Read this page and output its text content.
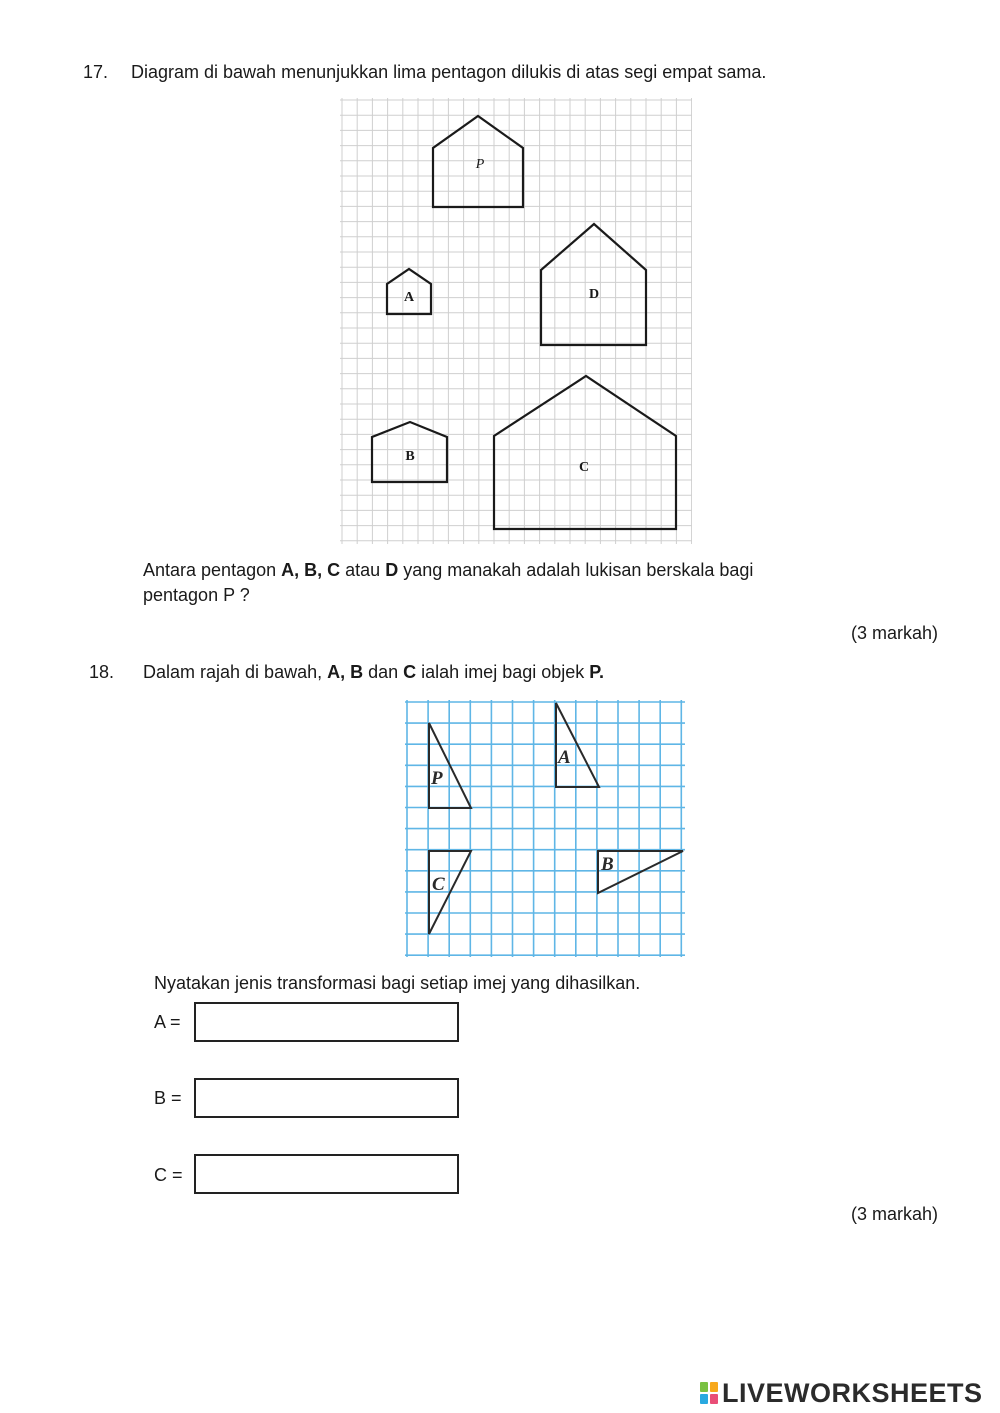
17. Diagram di bawah menunjukkan lima pentagon dilukis di atas segi empat sama.
P
A	D
B
C
Antara pentagon A, B, C atau D yang manakah adalah lukisan berskala bagi
pentagon P ?
(3 markah)
18. Dalam rajah di bawah, A, B dan C ialah imej bagi objek P.
P
A
B
C
Nyatakan jenis transformasi bagi setiap imej yang dihasilkan.
A =
B =
C =
(3 markah)
LIVEWORKSHEETS
